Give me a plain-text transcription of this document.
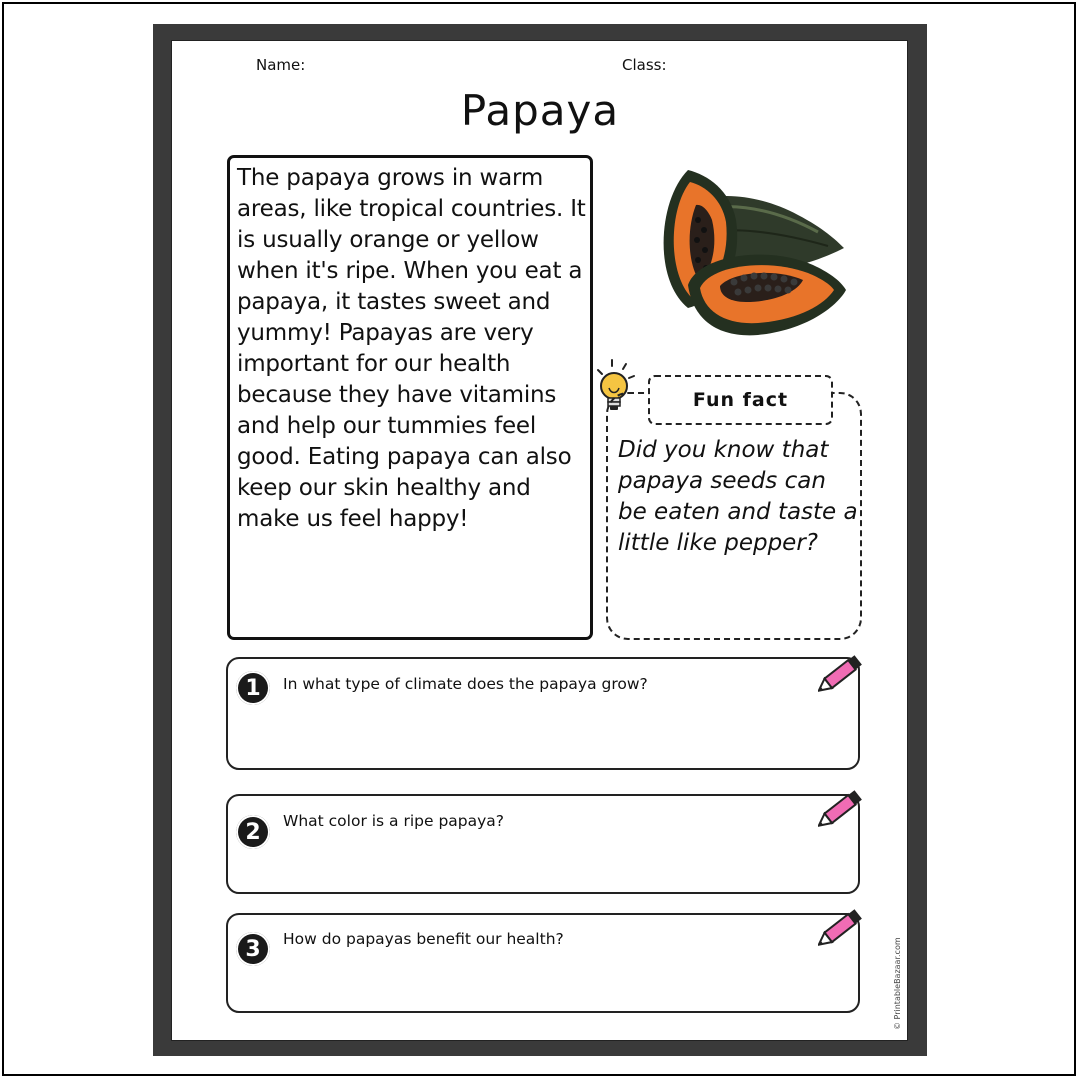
Name:	Class:
Papaya
The papaya grows in warm areas, like tropical countries. It is usually orange or yellow when it's ripe. When you eat a papaya, it tastes sweet and yummy! Papayas are very important for our health because they have vitamins and help our tummies feel good. Eating papaya can also keep our skin healthy and make us feel happy!
Fun fact
Did you know that papaya seeds can be eaten and taste a little like pepper?
1	In what type of climate does the papaya grow?
2	What color is a ripe papaya?
3	How do papayas benefit our health?	© PrintableBazaar.com
